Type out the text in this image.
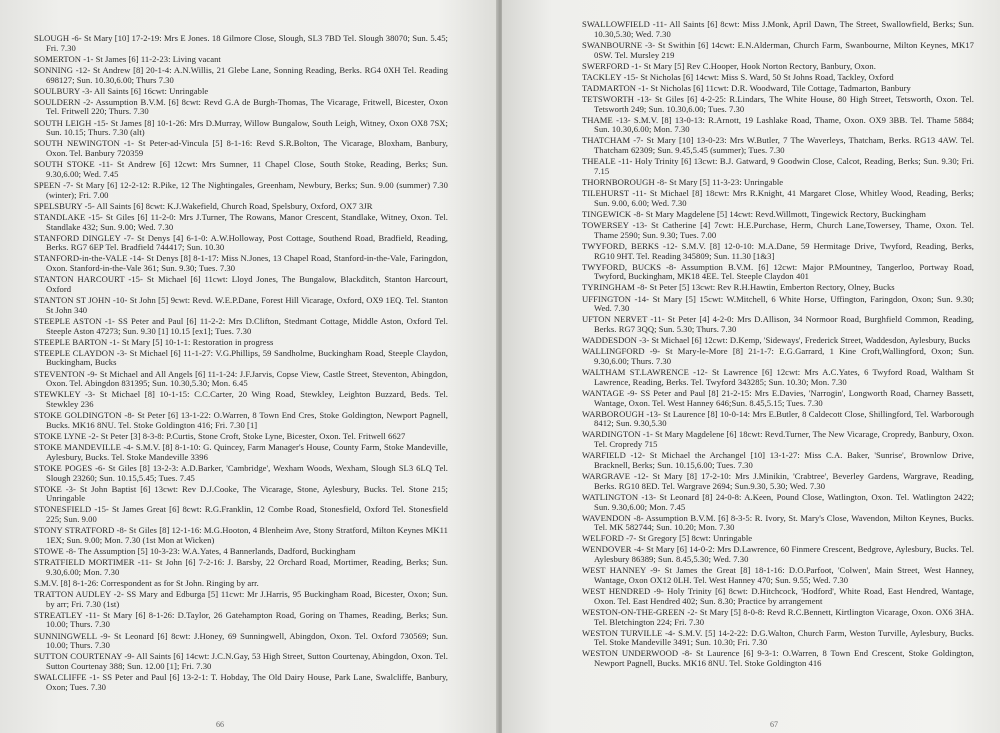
SLOUGH -6- St Mary [10] 17-2-19: Mrs E Jones. 18 Gilmore Close, Slough, SL3 7BD Tel. Slough 38070; Sun. 5.45; Fri. 7.30

SOMERTON -1- St James [6] 11-2-23: Living vacant

SONNING -12- St Andrew [8] 20-1-4: A.N.Willis, 21 Glebe Lane, Sonning Reading, Berks. RG4 0XH Tel. Reading 698127; Sun. 10.30,6.00; Thurs 7.30

SOULBURY -3- All Saints [6] 16cwt: Unringable

SOULDERN -2- Assumption B.V.M. [6] 8cwt: Revd G.A de Burgh-Thomas, The Vicarage, Fritwell, Bicester, Oxon Tel. Fritwell 220; Thurs. 7.30

SOUTH LEIGH -15- St James [8] 10-1-26: Mrs D.Murray, Willow Bungalow, South Leigh, Witney, Oxon OX8 7SX; Sun. 10.15; Thurs. 7.30 (alt)

SOUTH NEWINGTON -1- St Peter-ad-Vincula [5] 8-1-16: Revd S.R.Bolton, The Vicarage, Bloxham, Banbury, Oxon. Tel. Banbury 720359

SOUTH STOKE -11- St Andrew [6] 12cwt: Mrs Sumner, 11 Chapel Close, South Stoke, Reading, Berks; Sun. 9.30,6.00; Wed. 7.45

SPEEN -7- St Mary [6] 12-2-12: R.Pike, 12 The Nightingales, Greenham, Newbury, Berks; Sun. 9.00 (summer) 7.30 (winter); Fri. 7.00

SPELSBURY -5- All Saints [6] 8cwt: K.J.Wakefield, Church Road, Spelsbury, Oxford, OX7 3JR

STANDLAKE -15- St Giles [6] 11-2-0: Mrs J.Turner, The Rowans, Manor Crescent, Standlake, Witney, Oxon. Tel. Standlake 432; Sun. 9.00; Wed. 7.30

STANFORD DINGLEY -7- St Denys [4] 6-1-0: A.W.Holloway, Post Cottage, Southend Road, Bradfield, Reading, Berks. RG7 6EP Tel. Bradfield 744417; Sun. 10.30

STANFORD-in-the-VALE -14- St Denys [8] 8-1-17: Miss N.Jones, 13 Chapel Road, Stanford-in-the-Vale, Faringdon, Oxon. Stanford-in-the-Vale 361; Sun. 9.30; Tues. 7.30

STANTON HARCOURT -15- St Michael [6] 11cwt: Lloyd Jones, The Bungalow, Blackditch, Stanton Harcourt, Oxford

STANTON ST JOHN -10- St John [5] 9cwt: Revd. W.E.P.Dane, Forest Hill Vicarage, Oxford, OX9 1EQ. Tel. Stanton St John 340

STEEPLE ASTON -1- SS Peter and Paul [6] 11-2-2: Mrs D.Clifton, Stedmant Cottage, Middle Aston, Oxford Tel. Steeple Aston 47273; Sun. 9.30 [1] 10.15 [ex1]; Tues. 7.30

STEEPLE BARTON -1- St Mary [5] 10-1-1: Restoration in progress

STEEPLE CLAYDON -3- St Michael [6] 11-1-27: V.G.Phillips, 59 Sandholme, Buckingham Road, Steeple Claydon, Buckingham, Bucks

STEVENTON -9- St Michael and All Angels [6] 11-1-24: J.F.Jarvis, Copse View, Castle Street, Steventon, Abingdon, Oxon. Tel. Abingdon 831395; Sun. 10.30,5.30; Mon. 6.45

STEWKLEY -3- St Michael [8] 10-1-15: C.C.Carter, 20 Wing Road, Stewkley, Leighton Buzzard, Beds. Tel. Stewkley 236

STOKE GOLDINGTON -8- St Peter [6] 13-1-22: O.Warren, 8 Town End Cres, Stoke Goldington, Newport Pagnell, Bucks. MK16 8NU. Tel. Stoke Goldington 416; Fri. 7.30 [1]

STOKE LYNE -2- St Peter [3] 8-3-8: P.Curtis, Stone Croft, Stoke Lyne, Bicester, Oxon. Tel. Fritwell 6627

STOKE MANDEVILLE -4- S.M.V. [8] 8-1-10: G. Quincey, Farm Manager's House, County Farm, Stoke Mandeville, Aylesbury, Bucks. Tel. Stoke Mandeville 3396

STOKE POGES -6- St Giles [8] 13-2-3: A.D.Barker, 'Cambridge', Wexham Woods, Wexham, Slough SL3 6LQ Tel. Slough 23260; Sun. 10.15,5.45; Tues. 7.45

STOKE -3- St John Baptist [6] 13cwt: Rev D.J.Cooke, The Vicarage, Stone, Aylesbury, Bucks. Tel. Stone 215; Unringable

STONESFIELD -15- St James Great [6] 8cwt: R.G.Franklin, 12 Combe Road, Stonesfield, Oxford Tel. Stonesfield 225; Sun. 9.00

STONY STRATFORD -8- St Giles [8] 12-1-16: M.G.Hooton, 4 Blenheim Ave, Stony Stratford, Milton Keynes MK11 1EX; Sun. 9.00; Mon. 7.30 (1st Mon at Wicken)

STOWE -8- The Assumption [5] 10-3-23: W.A.Yates, 4 Bannerlands, Dadford, Buckingham

STRATFIELD MORTIMER -11- St John [6] 7-2-16: J. Barsby, 22 Orchard Road, Mortimer, Reading, Berks; Sun. 9.30,6.00; Mon. 7.30

S.M.V. [8] 8-1-26: Correspondent as for St John. Ringing by arr.

TRATTON AUDLEY -2- SS Mary and Edburga [5] 11cwt: Mr J.Harris, 95 Buckingham Road, Bicester, Oxon; Sun. by arr; Fri. 7.30 (1st)

STREATLEY -11- St Mary [6] 8-1-26: D.Taylor, 26 Gatehampton Road, Goring on Thames, Reading, Berks; Sun. 10.00; Thurs. 7.30

SUNNINGWELL -9- St Leonard [6] 8cwt: J.Honey, 69 Sunningwell, Abingdon, Oxon. Tel. Oxford 730569; Sun. 10.00; Thurs. 7.30

SUTTON COURTENAY -9- All Saints [6] 14cwt: J.C.N.Gay, 53 High Street, Sutton Courtenay, Abingdon, Oxon. Tel. Sutton Courtenay 388; Sun. 12.00 [1]; Fri. 7.30

SWALCLIFFE -1- SS Peter and Paul [6] 13-2-1: T. Hobday, The Old Dairy House, Park Lane, Swalcliffe, Banbury, Oxon; Tues. 7.30

66

SWALLOWFIELD -11- All Saints [6] 8cwt: Miss J.Monk, April Dawn, The Street, Swallowfield, Berks; Sun. 10.30,5.30; Wed. 7.30

SWANBOURNE -3- St Swithin [6] 14cwt: E.N.Alderman, Church Farm, Swanbourne, Milton Keynes, MK17 0SW. Tel. Mursley 219

SWERFORD -1- St Mary [5] Rev C.Hooper, Hook Norton Rectory, Banbury, Oxon.

TACKLEY -15- St Nicholas [6] 14cwt: Miss S. Ward, 50 St Johns Road, Tackley, Oxford

TADMARTON -1- St Nicholas [6] 11cwt: D.R. Woodward, Tile Cottage, Tadmarton, Banbury

TETSWORTH -13- St Giles [6] 4-2-25: R.Lindars, The White House, 80 High Street, Tetsworth, Oxon. Tel. Tetsworth 249; Sun. 10.30,6.00; Tues. 7.30

THAME -13- S.M.V. [8] 13-0-13: R.Arnott, 19 Lashlake Road, Thame, Oxon. OX9 3BB. Tel. Thame 5884; Sun. 10.30,6.00; Mon. 7.30

THATCHAM -7- St Mary [10] 13-0-23: Mrs W.Butler, 7 The Waverleys, Thatcham, Berks. RG13 4AW. Tel. Thatcham 62309; Sun. 9.45,5.45 (summer); Tues. 7.30

THEALE -11- Holy Trinity [6] 13cwt: B.J. Gatward, 9 Goodwin Close, Calcot, Reading, Berks; Sun. 9.30; Fri. 7.15

THORNBOROUGH -8- St Mary [5] 11-3-23: Unringable

TILEHURST -11- St Michael [8] 18cwt: Mrs R.Knight, 41 Margaret Close, Whitley Wood, Reading, Berks; Sun. 9.00, 6.00; Wed. 7.30

TINGEWICK -8- St Mary Magdelene [5] 14cwt: Revd.Willmott, Tingewick Rectory, Buckingham

TOWERSEY -13- St Catherine [4] 7cwt: H.E.Purchase, Herm, Church Lane,Towersey, Thame, Oxon. Tel. Thame 2590; Sun. 9.30; Tues. 7.00

TWYFORD, BERKS -12- S.M.V. [8] 12-0-10: M.A.Dane, 59 Hermitage Drive, Twyford, Reading, Berks, RG10 9HT. Tel. Reading 345809; Sun. 11.30 [1&3]

TWYFORD, BUCKS -8- Assumption B.V.M. [6] 12cwt: Major P.Mountney, Tangerloo, Portway Road, Twyford, Buckingham, MK18 4EE. Tel. Steeple Claydon 401

TYRINGHAM -8- St Peter [5] 13cwt: Rev R.H.Hawtin, Emberton Rectory, Olney, Bucks

UFFINGTON -14- St Mary [5] 15cwt: W.Mitchell, 6 White Horse, Uffington, Faringdon, Oxon; Sun. 9.30; Wed. 7.30

UFTON NERVET -11- St Peter [4] 4-2-0: Mrs D.Allison, 34 Normoor Road, Burghfield Common, Reading, Berks. RG7 3QQ; Sun. 5.30; Thurs. 7.30

WADDESDON -3- St Michael [6] 12cwt: D.Kemp, 'Sideways', Frederick Street, Waddesdon, Aylesbury, Bucks

WALLINGFORD -9- St Mary-le-More [8] 21-1-7: E.G.Garrard, 1 Kine Croft,Wallingford, Oxon; Sun. 9.30,6.00; Thurs. 7.30

WALTHAM ST.LAWRENCE -12- St Lawrence [6] 12cwt: Mrs A.C.Yates, 6 Twyford Road, Waltham St Lawrence, Reading, Berks. Tel. Twyford 343285; Sun. 10.30; Mon. 7.30

WANTAGE -9- SS Peter and Paul [8] 21-2-15: Mrs E.Davies, 'Narrogin', Longworth Road, Charney Bassett, Wantage, Oxon. Tel. West Hanney 646;Sun. 8.45,5.15; Tues. 7.30

WARBOROUGH -13- St Laurence [8] 10-0-14: Mrs E.Butler, 8 Caldecott Close, Shillingford, Tel. Warborough 8412; Sun. 9.30,5.30

WARDINGTON -1- St Mary Magdelene [6] 18cwt: Revd.Turner, The New Vicarage, Cropredy, Banbury, Oxon. Tel. Cropredy 715

WARFIELD -12- St Michael the Archangel [10] 13-1-27: Miss C.A. Baker, 'Sunrise', Brownlow Drive, Bracknell, Berks; Sun. 10.15,6.00; Tues. 7.30

WARGRAVE -12- St Mary [8] 17-2-10: Mrs J.Minikin, 'Crabtree', Beverley Gardens, Wargrave, Reading, Berks. RG10 8ED. Tel. Wargrave 2694; Sun.9.30, 5.30; Wed. 7.30

WATLINGTON -13- St Leonard [8] 24-0-8: A.Keen, Pound Close, Watlington, Oxon. Tel. Watlington 2422; Sun. 9.30,6.00; Mon. 7.45

WAVENDON -8- Assumption B.V.M. [6] 8-3-5: R. Ivory, St. Mary's Close, Wavendon, Milton Keynes, Bucks. Tel. MK 582744; Sun. 10.20; Mon. 7.30

WELFORD -7- St Gregory [5] 8cwt: Unringable

WENDOVER -4- St Mary [6] 14-0-2: Mrs D.Lawrence, 60 Finmere Crescent, Bedgrove, Aylesbury, Bucks. Tel. Aylesbury 86389; Sun. 8.45,5.30; Wed. 7.30

WEST HANNEY -9- St James the Great [8] 18-1-16: D.O.Parfoot, 'Colwen', Main Street, West Hanney, Wantage, Oxon OX12 0LH. Tel. West Hanney 470; Sun. 9.55; Wed. 7.30

WEST HENDRED -9- Holy Trinity [6] 8cwt: D.Hitchcock, 'Hodford', White Road, East Hendred, Wantage, Oxon. Tel. East Hendred 402; Sun. 8.30; Practice by arrangement

WESTON-ON-THE-GREEN -2- St Mary [5] 8-0-8: Revd R.C.Bennett, Kirtlington Vicarage, Oxon. OX6 3HA. Tel. Bletchington 224; Fri. 7.30

WESTON TURVILLE -4- S.M.V. [5] 14-2-22: D.G.Walton, Church Farm, Weston Turville, Aylesbury, Bucks. Tel. Stoke Mandeville 3491; Sun. 10.30; Fri. 7.30

WESTON UNDERWOOD -8- St Laurence [6] 9-3-1: O.Warren, 8 Town End Crescent, Stoke Goldington, Newport Pagnell, Bucks. MK16 8NU. Tel. Stoke Goldington 416

67
